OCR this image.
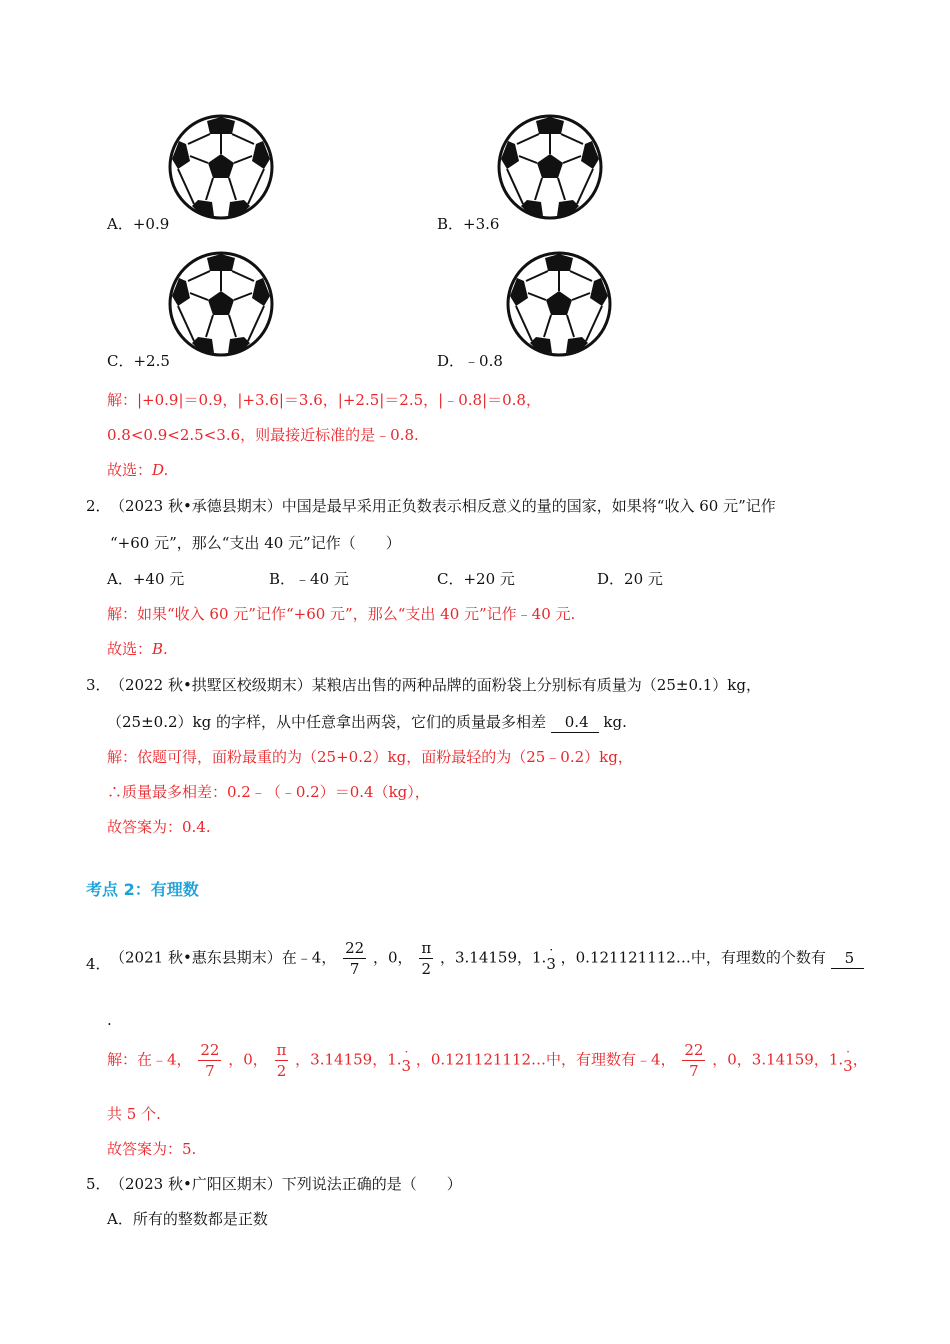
A．+0.9	B．+3.6
C．+2.5	D．﹣0.8
解：|+0.9|＝0.9，|+3.6|＝3.6，|+2.5|＝2.5，|﹣0.8|＝0.8，
0.8<0.9<2.5<3.6，则最接近标准的是﹣0.8.
故选：D.
2． （2023 秋•承德县期末）中国是最早采用正负数表示相反意义的量的国家，如果将“收入 60 元”记作
“+60 元”，那么“支出 40 元”记作（　　）
A．+40 元	B．﹣40 元	C．+20 元	D．20 元
解：如果“收入 60 元”记作“+60 元”，那么“支出 40 元”记作﹣40 元.
故选：B.
3． （2022 秋•拱墅区校级期末）某粮店出售的两种品牌的面粉袋上分别标有质量为（25±0.1）kg，
（25±0.2）kg 的字样，从中任意拿出两袋，它们的质量最多相差 0.4 kg.
解：依题可得，面粉最重的为（25+0.2）kg，面粉最轻的为（25﹣0.2）kg，
∴质量最多相差：0.2﹣（﹣0.2）＝0.4（kg），
故答案为：0.4.
考点 2：有理数
4． （2021 秋•惠东县期末）在﹣4， $\frac{22}{7}$ ，0， $\frac{\pi}{2}$ ，3.14159，1. ·
3 ，0.121121112…中，有理数的个数有 5
.
解：在﹣4， $\frac{22}{7}$ ，0， $\frac{\pi}{2}$ ，3.14159，1. ·
3 ，0.121121112…中，有理数有﹣4， $\frac{22}{7}$ ，0，3.14159，1. ·
3，
共 5 个.
故答案为：5.
5． （2023 秋•广阳区期末）下列说法正确的是（　　）
A．所有的整数都是正数
